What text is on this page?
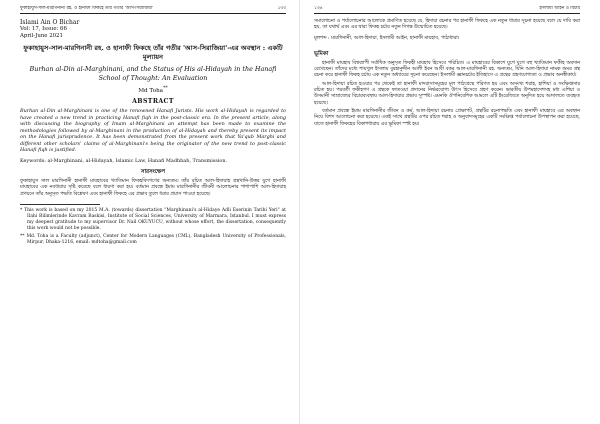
ফুকাহায়ুস-সাল-মারগিনানী রহ. ও হানাফী ফিকহে তাঁর গতীর 'আস-সিরাজিয়া'	১৩৩
Islami Ain O Bichar
Vol: 17, Issue: 66
April-June 2021
ফুকাহায়ুস-সাল-মারগিনানী রহ. ও হানাফী ফিকহে তাঁর গতীর 'আস-সিরাজিয়া'-এর অবস্থান : একটি মূল্যায়ন
Burhan al-Din al-Marghinani, and the Status of His al-Hidayah in the Hanafi School of Thought: An Evaluation
Md Toha**
ABSTRACT

Burhan al-Din al-Marghinani is one of the renowned Hanafi Jurists. His work al-Hidayah is regarded to have created a new trend in practicing Hanafi fiqh in the post-classic era. In the present article, along with discussing the biography of Imam al-Marghinani an attempt has been made to examine the methodologies followed by al-Marghinani in the production of al-Hidayah and thereby present its impact on the Hanafi jurisprudence. It has been demonstrated from the present work that Ya'qub Marghi and different other scholars' claims of al-Marghinani's being the originator of the new trend to post-classic Hanafi fiqh is justified.

Keywords: al-Marghinani, al-Hidayah, Islamic Law, Hanafi Madhhab, Transmission.
সারসংক্ষেপ

ফুকাহায়ুস সাল মারগিনানী হানাফী মাযহাবের খ্যাতিমান ফিকহবিদগণের অন্যতম। তাঁর রচিত আল-হিদায়াহ গ্রন্থখানি-উত্তর যুগে হানাফী মাযহাবের এক নবধারার সৃষ্টি করেছে বলে ধারণা করা হয়। বর্তমান প্রবন্ধে ইমাম মারগিনানীর জীবনী আলোচনার পাশাপাশি আল-হিদায়াহ প্রণয়নে তাঁর অনুসৃত পদ্ধতি বিশ্লেষণ এবং হানাফী ফিকহে এর প্রভাব তুলে ধরার প্রয়াস পাওয়া হয়েছে।

* This work is based on my 2015 M.A. (towards) dissertation "Marghinani's al-Hidaye Adli Eserinin Tarihi Yeri" at Ilahi Bilimlerinde Kavram Baskisi, Institute of Social Sciences, University of Marmara, Istanbul. I must express my deepest gratitude to my supervisor Dr. Nail OKUYUCU, without whose effort, the dissertation, consequently this work would not be possible.

** Md. Toha is a Faculty (adjunct), Center for Modern Languages (CML), Bangladesh University of Professionals, Mirpur, Dhaka-1216, email: mdtoha@gmail.com

১৩৪	ইসলামী আইন ও বিচার

সমালোচনা ও পর্যালোচনার আলোকে প্রমাণিত হয়েছে যে, হিদায়া রচনার পর হানাফী ফিকহে এক নতুন ধারার সূচনা হয়েছে বলে যে দাবি করা হয়, তা যথার্থ এবং এর দ্বারা ফিকহ চর্চার নতুন দিগন্ত উন্মোচিত হয়েছে।

মূলশব্দ : মারগিনানী, আল-হিদায়া, ইসলামী আইন, হানাফী মাযহাব, পাঠ্যধারা।
ভূমিকা

হানাফী মাযহাব বিশ্বব্যাপী সর্বাধিক অনুসৃত ফিকহী মাযহাব হিসেবে পরিচিত। এ মাযহাবের বিকাশে যুগে যুগে বহু খ্যাতিমান ফকীহ অবদান রেখেছেন। তাঁদের মধ্যে শায়খুল ইসলাম বুরহানুদ্দীন আলী ইবন আবী বকর আল-মারগিনানী রহ. অন্যতম, যিনি আল-হিদায়া নামক অমর গ্রন্থ রচনা করে হানাফী ফিকহ চর্চায় এক নতুন অধ্যায়ের সূচনা করেছেন। ইসলামী জ্ঞানচর্চার ইতিহাসে এ গ্রন্থের গ্রহণযোগ্যতা ও প্রভাব অনস্বীকার্য।

আল-হিদায়া রচিত হওয়ার পর থেকেই তা হানাফী মাদরাসাসমূহের মূল পাঠ্যগ্রন্থে পরিণত হয় এবং অসংখ্য শরাহ, হাশিয়া ও সংক্ষিপ্তসার রচিত হয়। পরবর্তী ফকীহগণ এ গ্রন্থকে ফাতওয়া প্রদানের নির্ভরযোগ্য উৎস হিসেবে গ্রহণ করেন। ভারতীয় উপমহাদেশসহ মধ্য এশিয়া ও উসমানী সাম্রাজ্যের বিচারব্যবস্থায় আল-হিদায়ার প্রভাব সুস্পষ্ট। এমনকি ঔপনিবেশিক আমলে এটি ইংরেজিতে অনূদিত হয়ে আদালতে ব্যবহৃত হয়েছে।

বর্তমান প্রবন্ধে ইমাম মারগিনানীর জীবন ও কর্ম, আল-হিদায়া রচনার প্রেক্ষাপট, গ্রন্থটির রচনাপদ্ধতি এবং হানাফী মাযহাবে এর অবস্থান নিয়ে বিশদ আলোচনা করা হয়েছে। একই সাথে গ্রন্থটির ওপর রচিত শরাহ ও অনুবাদসমূহের একটি সংক্ষিপ্ত পর্যালোচনা উপস্থাপন করা হয়েছে, যাতে হানাফী ফিকহের বিকাশধারায় এর ভূমিকা স্পষ্ট হয়।
